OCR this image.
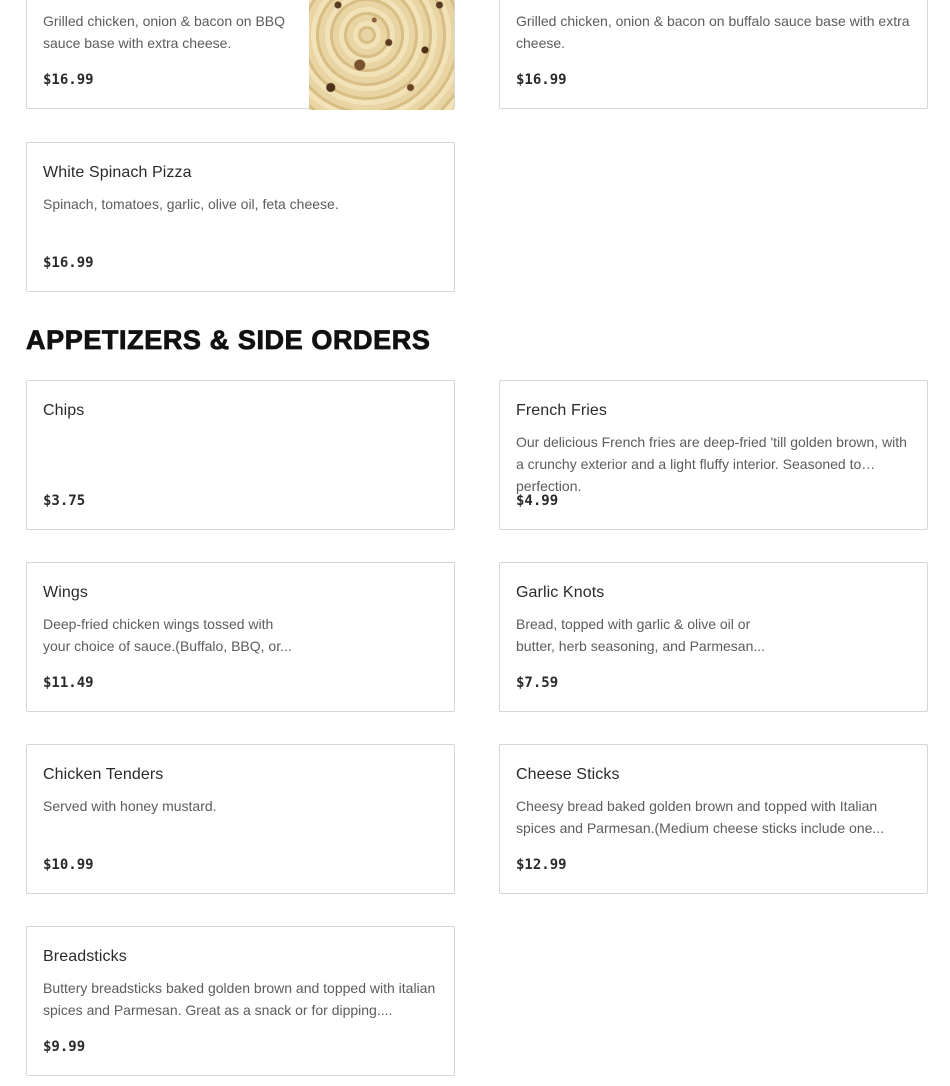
Grilled chicken, onion & bacon on BBQ sauce base with extra cheese.
$16.99
Grilled chicken, onion & bacon on buffalo sauce base with extra cheese.
$16.99
White Spinach Pizza
Spinach, tomatoes, garlic, olive oil, feta cheese.
$16.99
APPETIZERS & SIDE ORDERS
Chips
$3.75
French Fries
Our delicious French fries are deep-fried 'till golden brown, with a crunchy exterior and a light fluffy interior. Seasoned to perfection.
$4.99
Wings
Deep-fried chicken wings tossed with your choice of sauce.(Buffalo, BBQ, or...
$11.49
Garlic Knots
Bread, topped with garlic & olive oil or butter, herb seasoning, and Parmesan...
$7.59
Chicken Tenders
Served with honey mustard.
$10.99
Cheese Sticks
Cheesy bread baked golden brown and topped with Italian spices and Parmesan.(Medium cheese sticks include one...
$12.99
Breadsticks
Buttery breadsticks baked golden brown and topped with italian spices and Parmesan. Great as a snack or for dipping....
$9.99
